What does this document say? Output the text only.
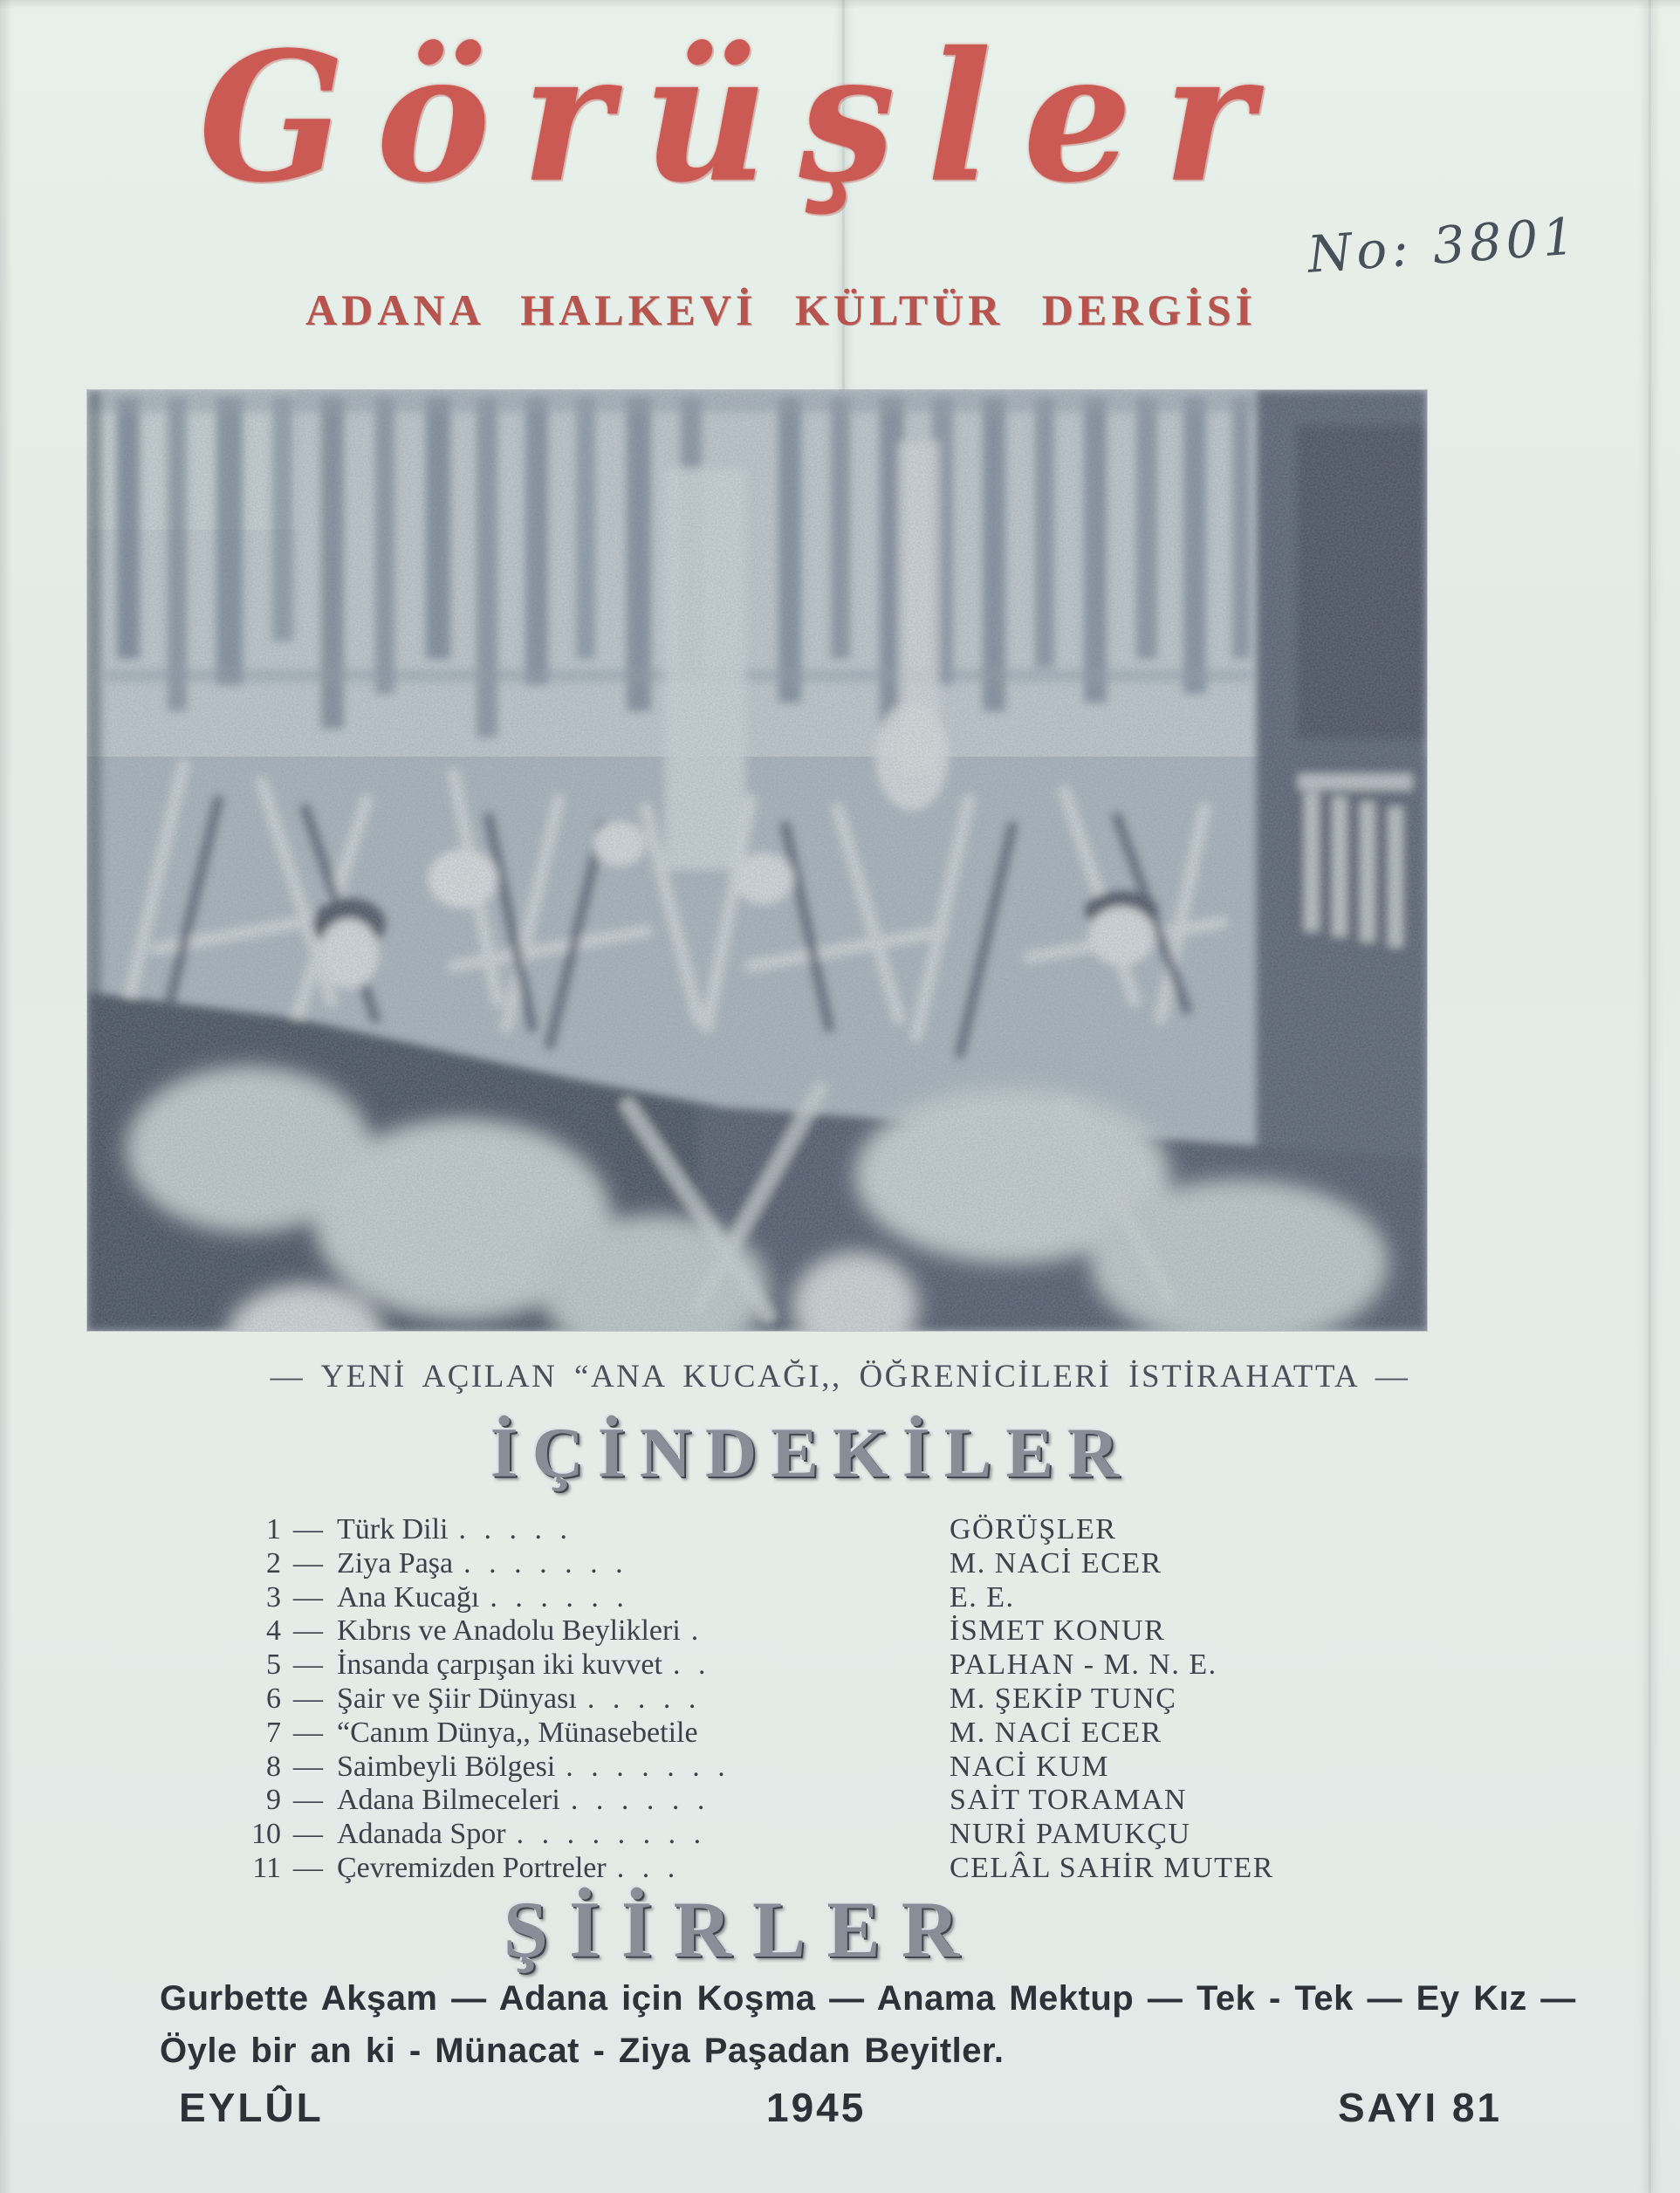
Görüşler
No: 3801
ADANA HALKEVİ KÜLTÜR DERGİSİ
— YENİ AÇILAN “ANA KUCAĞI,, ÖĞRENİCİLERİ İSTİRAHATTA —
İÇİNDEKİLER
1 — Türk Dili . . . . .	GÖRÜŞLER
2 — Ziya Paşa . . . . . . .	M. NACİ ECER
3 — Ana Kucağı . . . . . .	E. E.
4 — Kıbrıs ve Anadolu Beylikleri .	İSMET KONUR
5 — İnsanda çarpışan iki kuvvet . .	PALHAN - M. N. E.
6 — Şair ve Şiir Dünyası . . . . .	M. ŞEKİP TUNÇ
7 — “Canım Dünya,, Münasebetile	M. NACİ ECER
8 — Saimbeyli Bölgesi . . . . . . .	NACİ KUM
9 — Adana Bilmeceleri . . . . . .	SAİT TORAMAN
10 — Adanada Spor . . . . . . . .	NURİ PAMUKÇU
11 — Çevremizden Portreler . . .	CELÂL SAHİR MUTER
ŞİİRLER
Gurbette Akşam — Adana için Koşma — Anama Mektup — Tek - Tek — Ey Kız —
Öyle bir an ki - Münacat - Ziya Paşadan Beyitler.
EYLÛL	1945	SAYI 81
